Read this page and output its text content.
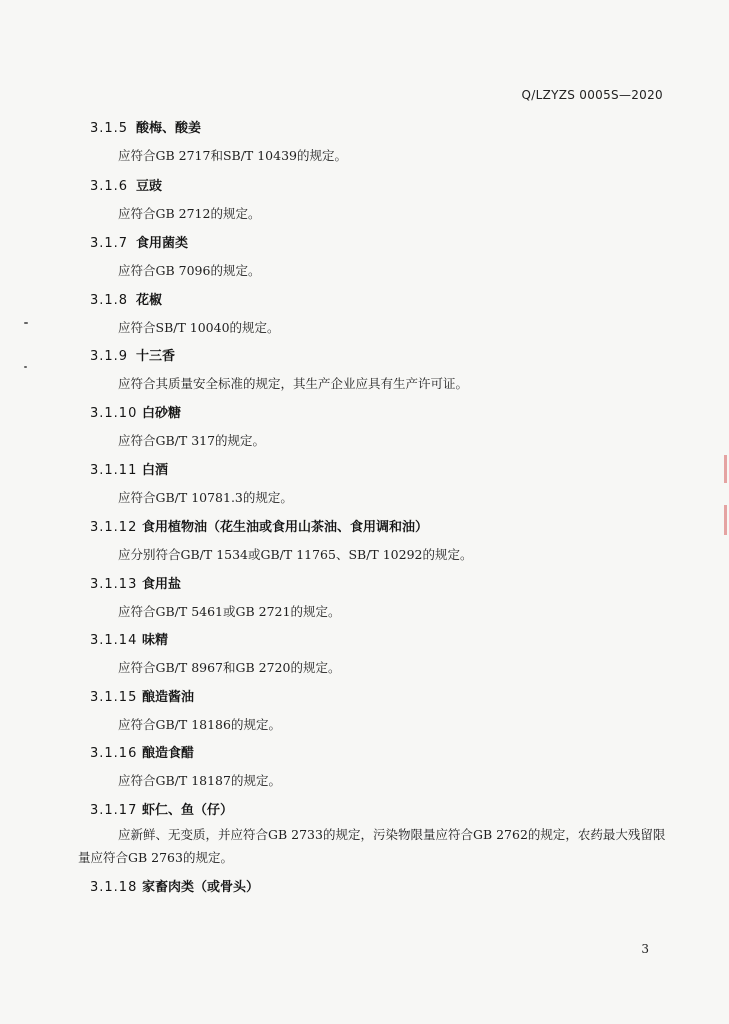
Q/LZYZS 0005S—2020
3.1.5 酸梅、酸姜
应符合GB 2717和SB/T 10439的规定。
3.1.6 豆豉
应符合GB 2712的规定。
3.1.7 食用菌类
应符合GB 7096的规定。
3.1.8 花椒
应符合SB/T 10040的规定。
3.1.9 十三香
应符合其质量安全标准的规定，其生产企业应具有生产许可证。
3.1.10 白砂糖
应符合GB/T 317的规定。
3.1.11 白酒
应符合GB/T 10781.3的规定。
3.1.12 食用植物油（花生油或食用山茶油、食用调和油）
应分别符合GB/T 1534或GB/T 11765、SB/T 10292的规定。
3.1.13 食用盐
应符合GB/T 5461或GB 2721的规定。
3.1.14 味精
应符合GB/T 8967和GB 2720的规定。
3.1.15 酿造酱油
应符合GB/T 18186的规定。
3.1.16 酿造食醋
应符合GB/T 18187的规定。
3.1.17 虾仁、鱼（仔）
应新鲜、无变质，并应符合GB 2733的规定，污染物限量应符合GB 2762的规定，农药最大残留限量应符合GB 2763的规定。
3.1.18 家畜肉类（或骨头）
3
